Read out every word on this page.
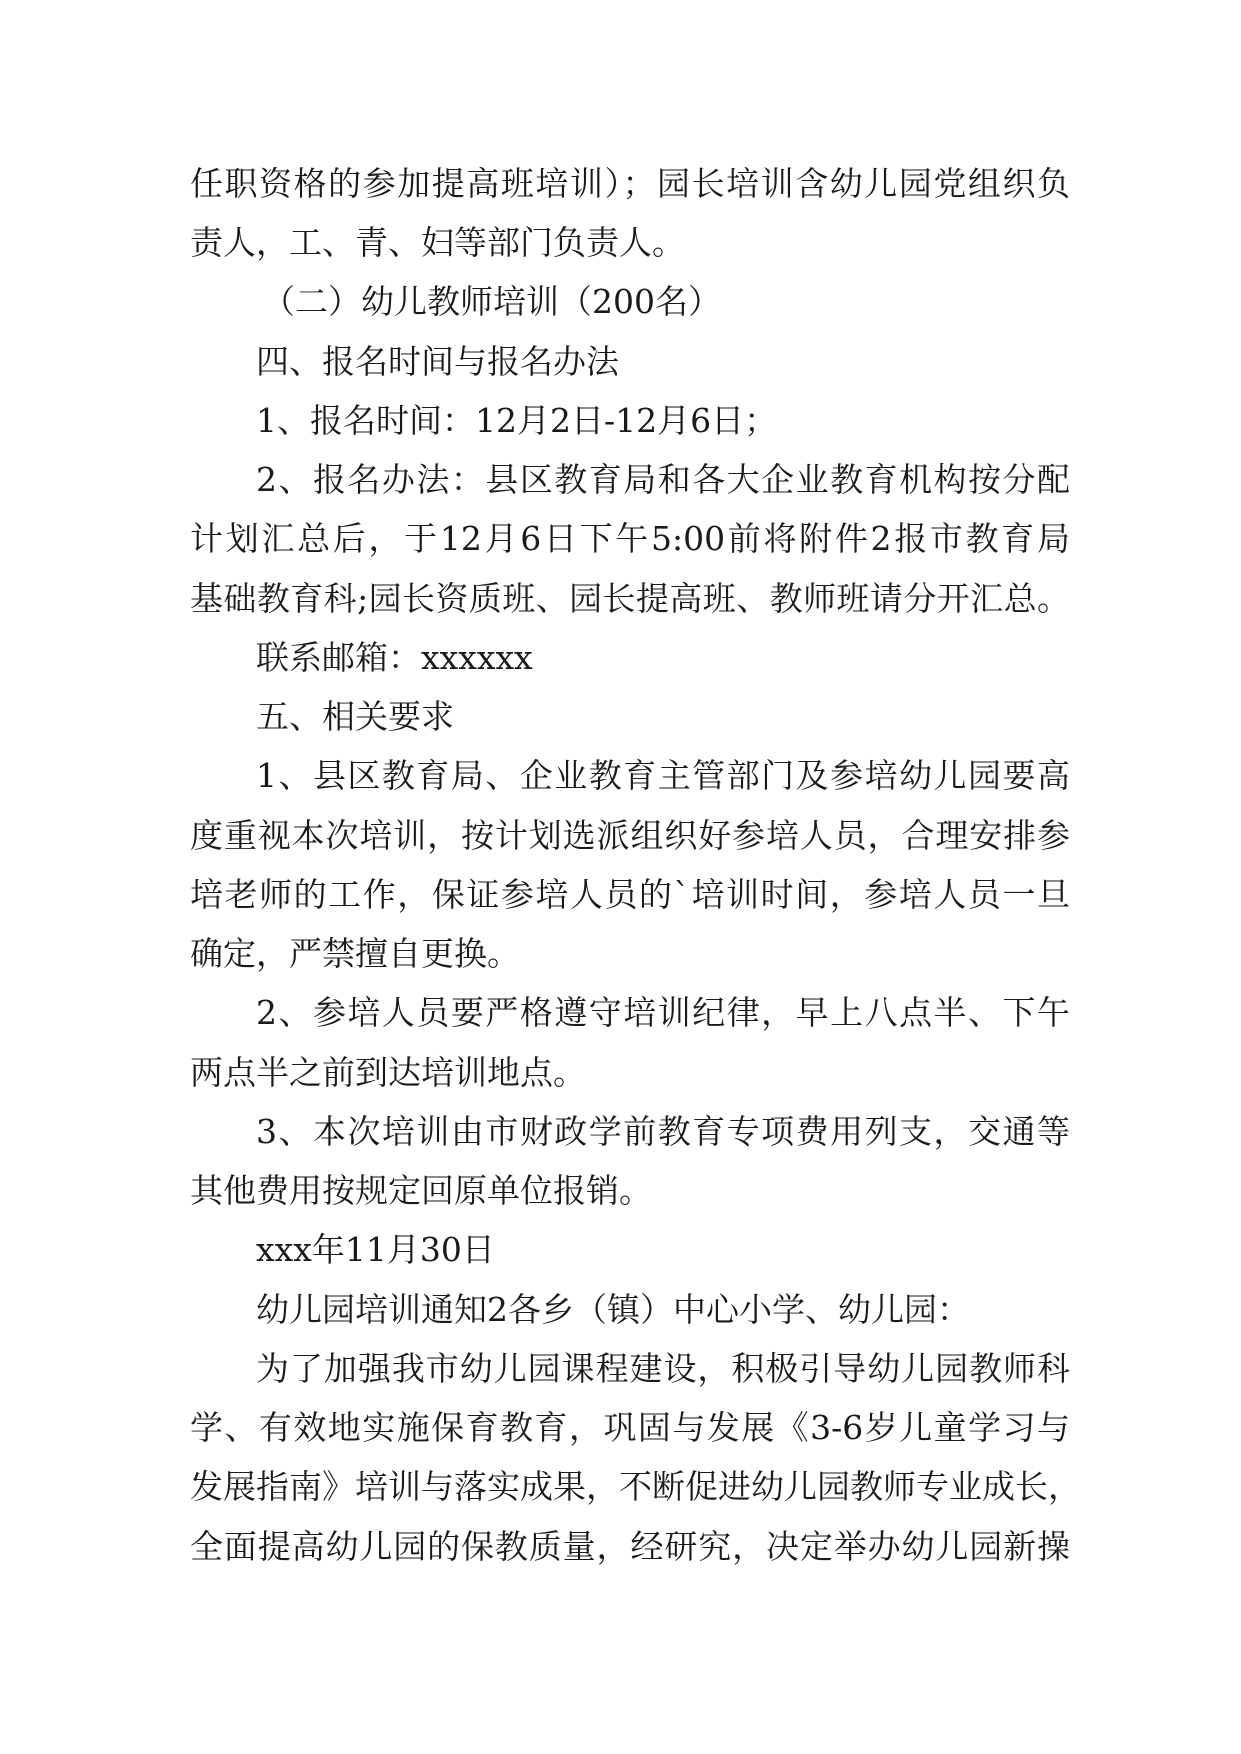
任职资格的参加提高班培训）；园长培训含幼儿园党组织负
责人，工、青、妇等部门负责人。
（二）幼儿教师培训（200名）
四、报名时间与报名办法
1、报名时间：12月2日-12月6日；
2、报名办法：县区教育局和各大企业教育机构按分配
计划汇总后，于12月6日下午5:00前将附件2报市教育局
基础教育科;园长资质班、园长提高班、教师班请分开汇总。
联系邮箱：xxxxxx
五、相关要求
1、县区教育局、企业教育主管部门及参培幼儿园要高
度重视本次培训，按计划选派组织好参培人员，合理安排参
培老师的工作，保证参培人员的`培训时间，参培人员一旦
确定，严禁擅自更换。
2、参培人员要严格遵守培训纪律，早上八点半、下午
两点半之前到达培训地点。
3、本次培训由市财政学前教育专项费用列支，交通等
其他费用按规定回原单位报销。
xxx年11月30日
幼儿园培训通知2各乡（镇）中心小学、幼儿园：
为了加强我市幼儿园课程建设，积极引导幼儿园教师科
学、有效地实施保育教育，巩固与发展《3-6岁儿童学习与
发展指南》培训与落实成果，不断促进幼儿园教师专业成长，
全面提高幼儿园的保教质量，经研究，决定举办幼儿园新操
